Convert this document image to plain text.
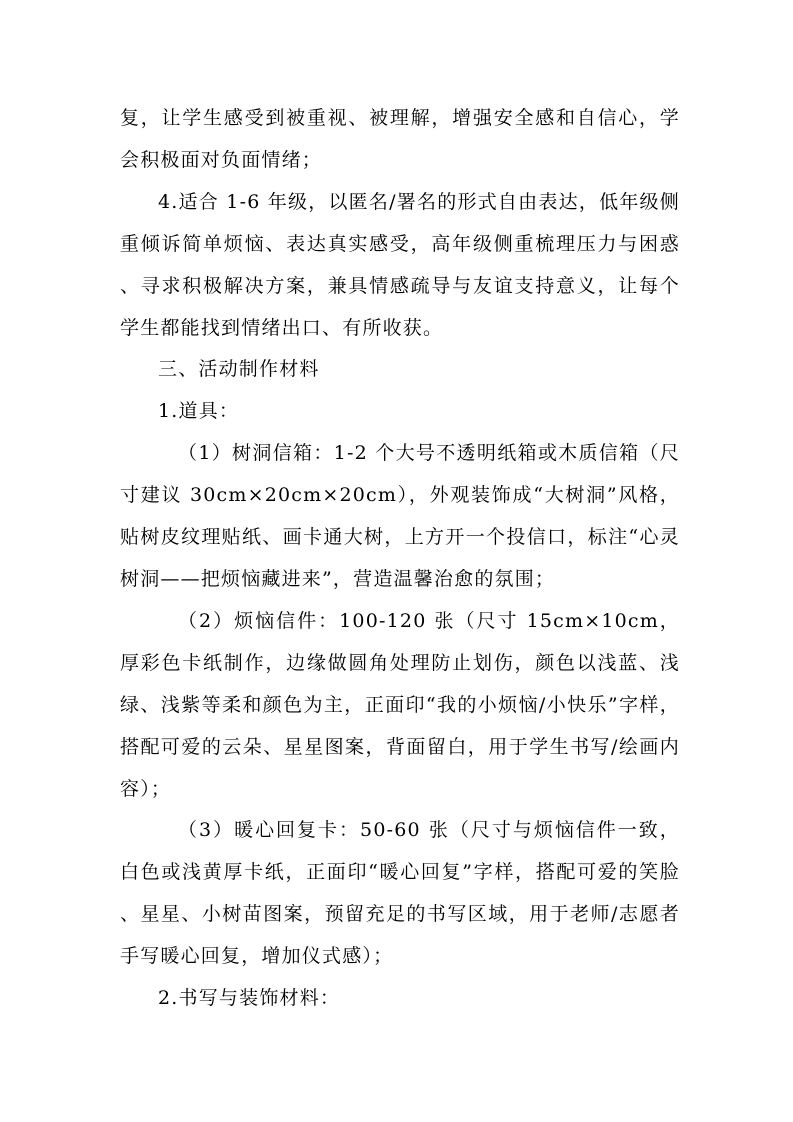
复，让学生感受到被重视、被理解，增强安全感和自信心，学会积极面对负面情绪；

4.适合 1-6 年级，以匿名/署名的形式自由表达，低年级侧重倾诉简单烦恼、表达真实感受，高年级侧重梳理压力与困惑、寻求积极解决方案，兼具情感疏导与友谊支持意义，让每个学生都能找到情绪出口、有所收获。

三、活动制作材料

1.道具：

（1）树洞信箱：1-2 个大号不透明纸箱或木质信箱（尺寸建议 30cm×20cm×20cm），外观装饰成“大树洞”风格，贴树皮纹理贴纸、画卡通大树，上方开一个投信口，标注“心灵树洞——把烦恼藏进来”，营造温馨治愈的氛围；

（2）烦恼信件：100-120 张（尺寸 15cm×10cm，厚彩色卡纸制作，边缘做圆角处理防止划伤，颜色以浅蓝、浅绿、浅紫等柔和颜色为主，正面印“我的小烦恼/小快乐”字样，搭配可爱的云朵、星星图案，背面留白，用于学生书写/绘画内容）；

（3）暖心回复卡：50-60 张（尺寸与烦恼信件一致，白色或浅黄厚卡纸，正面印“暖心回复”字样，搭配可爱的笑脸、星星、小树苗图案，预留充足的书写区域，用于老师/志愿者手写暖心回复，增加仪式感）；

2.书写与装饰材料：
